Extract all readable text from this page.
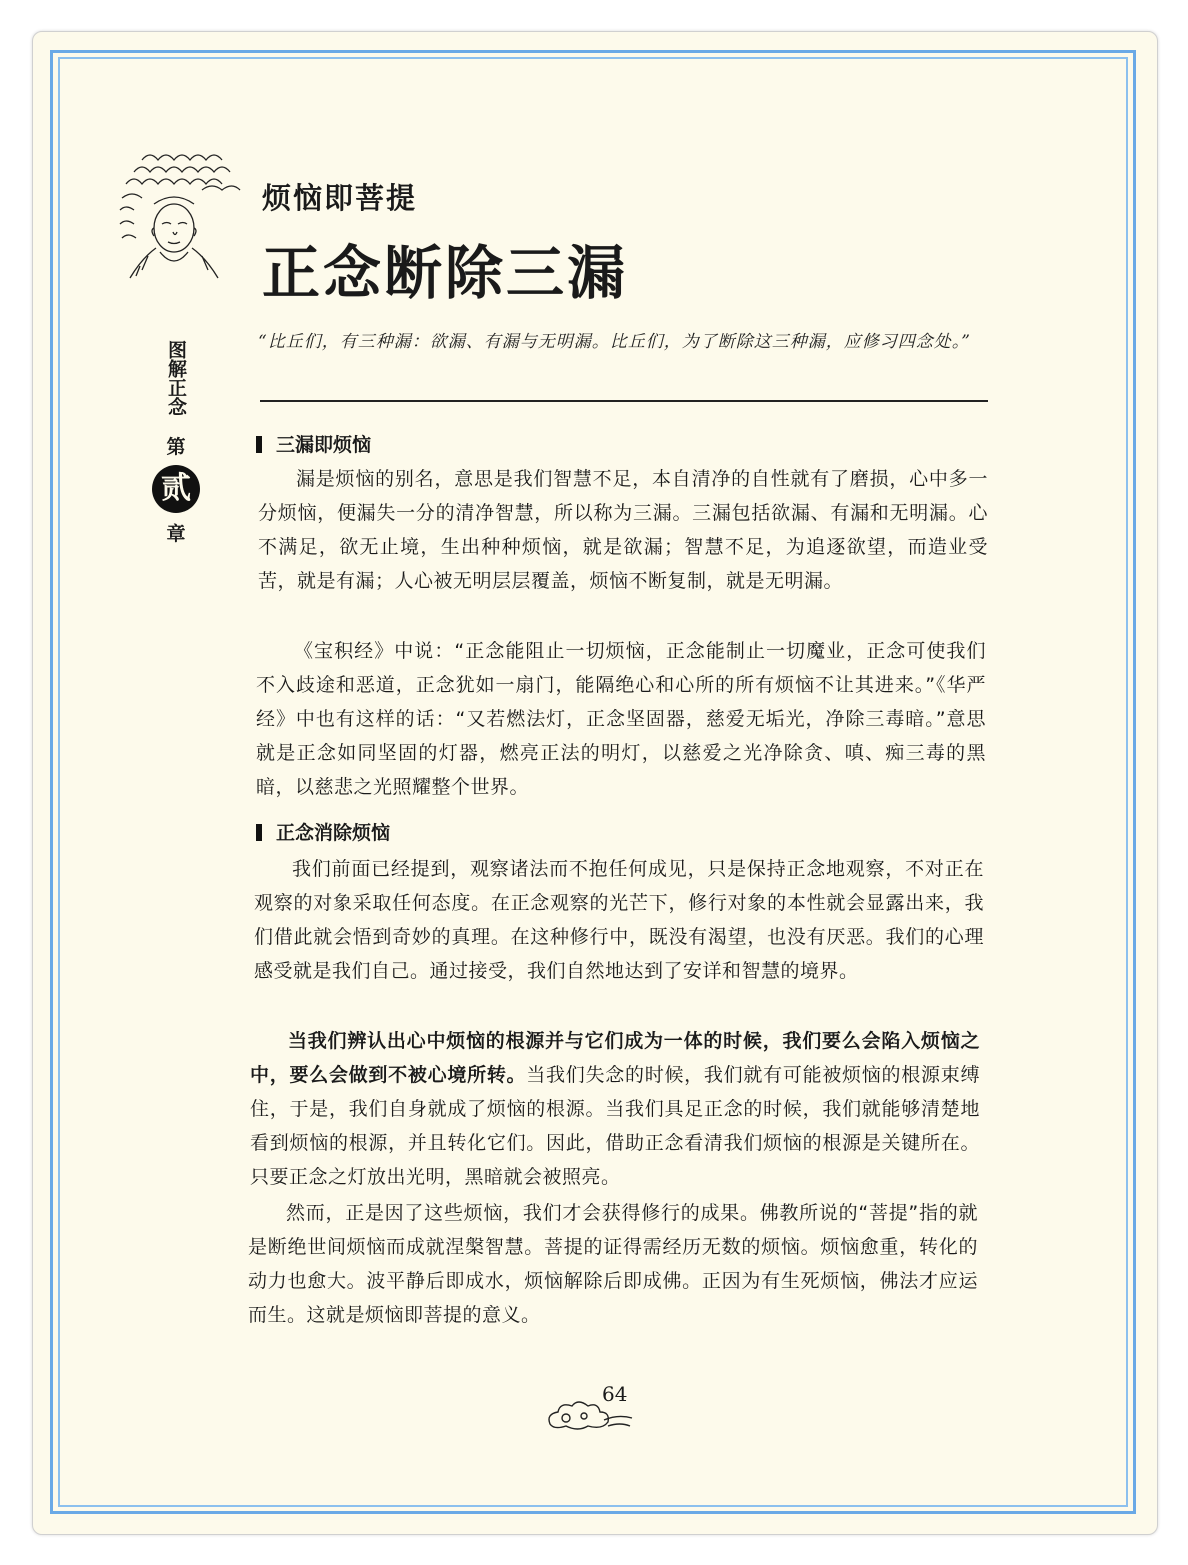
烦恼即菩提
正念断除三漏
图解正念
第
贰
章
“比丘们，有三种漏：欲漏、有漏与无明漏。比丘们，为了断除这三种漏，应修习四念处。”
三漏即烦恼
漏是烦恼的别名，意思是我们智慧不足，本自清净的自性就有了磨损，心中多一分烦恼，便漏失一分的清净智慧，所以称为三漏。三漏包括欲漏、有漏和无明漏。心不满足，欲无止境，生出种种烦恼，就是欲漏；智慧不足，为追逐欲望，而造业受苦，就是有漏；人心被无明层层覆盖，烦恼不断复制，就是无明漏。
《宝积经》中说：“正念能阻止一切烦恼，正念能制止一切魔业，正念可使我们不入歧途和恶道，正念犹如一扇门，能隔绝心和心所的所有烦恼不让其进来。”《华严经》中也有这样的话：“又若燃法灯，正念坚固器，慈爱无垢光，净除三毒暗。”意思就是正念如同坚固的灯器，燃亮正法的明灯，以慈爱之光净除贪、嗔、痴三毒的黑暗，以慈悲之光照耀整个世界。
正念消除烦恼
我们前面已经提到，观察诸法而不抱任何成见，只是保持正念地观察，不对正在观察的对象采取任何态度。在正念观察的光芒下，修行对象的本性就会显露出来，我们借此就会悟到奇妙的真理。在这种修行中，既没有渴望，也没有厌恶。我们的心理感受就是我们自己。通过接受，我们自然地达到了安详和智慧的境界。
当我们辨认出心中烦恼的根源并与它们成为一体的时候，我们要么会陷入烦恼之中，要么会做到不被心境所转。当我们失念的时候，我们就有可能被烦恼的根源束缚住，于是，我们自身就成了烦恼的根源。当我们具足正念的时候，我们就能够清楚地看到烦恼的根源，并且转化它们。因此，借助正念看清我们烦恼的根源是关键所在。只要正念之灯放出光明，黑暗就会被照亮。
然而，正是因了这些烦恼，我们才会获得修行的成果。佛教所说的“菩提”指的就是断绝世间烦恼而成就涅槃智慧。菩提的证得需经历无数的烦恼。烦恼愈重，转化的动力也愈大。波平静后即成水，烦恼解除后即成佛。正因为有生死烦恼，佛法才应运而生。这就是烦恼即菩提的意义。
64
